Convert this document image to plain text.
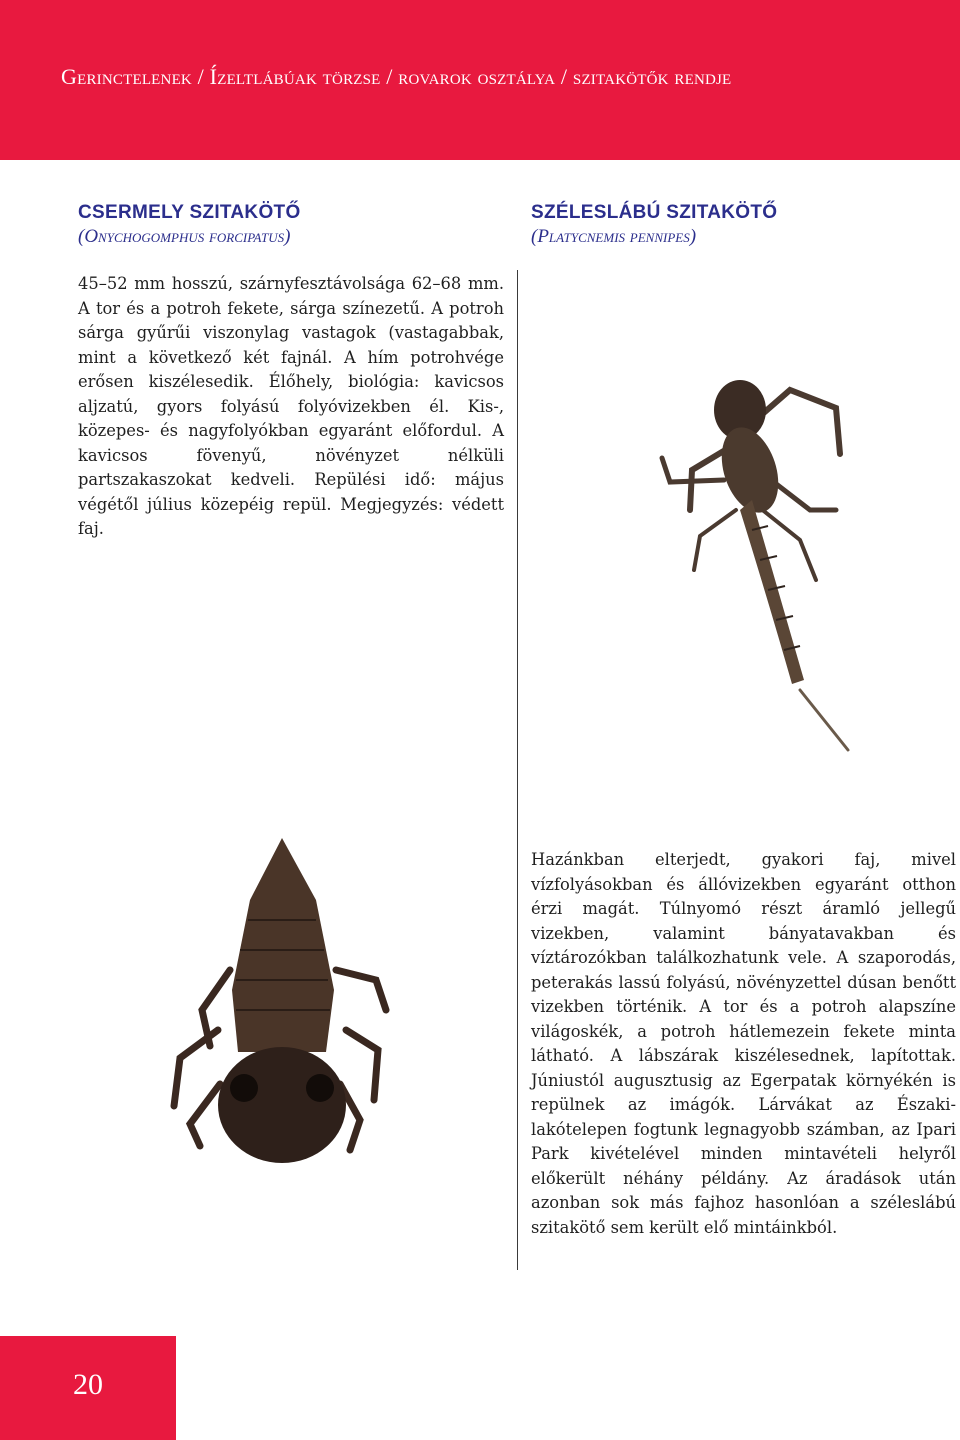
Gerinctelenek / Ízeltlábúak törzse / rovarok osztálya / szitakötők rendje
CSERMELY SZITAKÖTŐ
(Onychogomphus forcipatus)
SZÉLESLÁBÚ SZITAKÖTŐ
(Platycnemis pennipes)

45–52 mm hosszú, szárnyfesztávolsága 62–68 mm. A tor és a potroh fekete, sárga színezetű. A potroh sárga gyűrűi viszonylag vastagok (vastagabbak, mint a következő két fajnál. A hím potrohvége erősen kiszélesedik. Élőhely, biológia: kavicsos aljzatú, gyors folyású folyóvizekben él. Kis-, közepes- és nagyfolyókban egyaránt előfordul. A kavicsos fövenyű, növényzet nélküli partszakaszokat kedveli. Repülési idő: május végétől július közepéig repül. Megjegyzés: védett faj.

Hazánkban elterjedt, gyakori faj, mivel vízfolyásokban és állóvizekben egyaránt otthon érzi magát. Túlnyomó részt áramló jellegű vizekben, valamint bányatavakban és víztározókban találkozhatunk vele. A szaporodás, peterakás lassú folyású, növényzettel dúsan benőtt vizekben történik. A tor és a potroh alapszíne világoskék, a potroh hátlemezein fekete minta látható. A lábszárak kiszélesednek, lapítottak. Júniustól augusztusig az Egerpatak környékén is repülnek az imágók. Lárvákat az Északi-lakótelepen fogtunk legnagyobb számban, az Ipari Park kivételével minden mintavételi helyről előkerült néhány példány. Az áradások után azonban sok más fajhoz hasonlóan a széleslábú szitakötő sem került elő mintáinkból.

20
